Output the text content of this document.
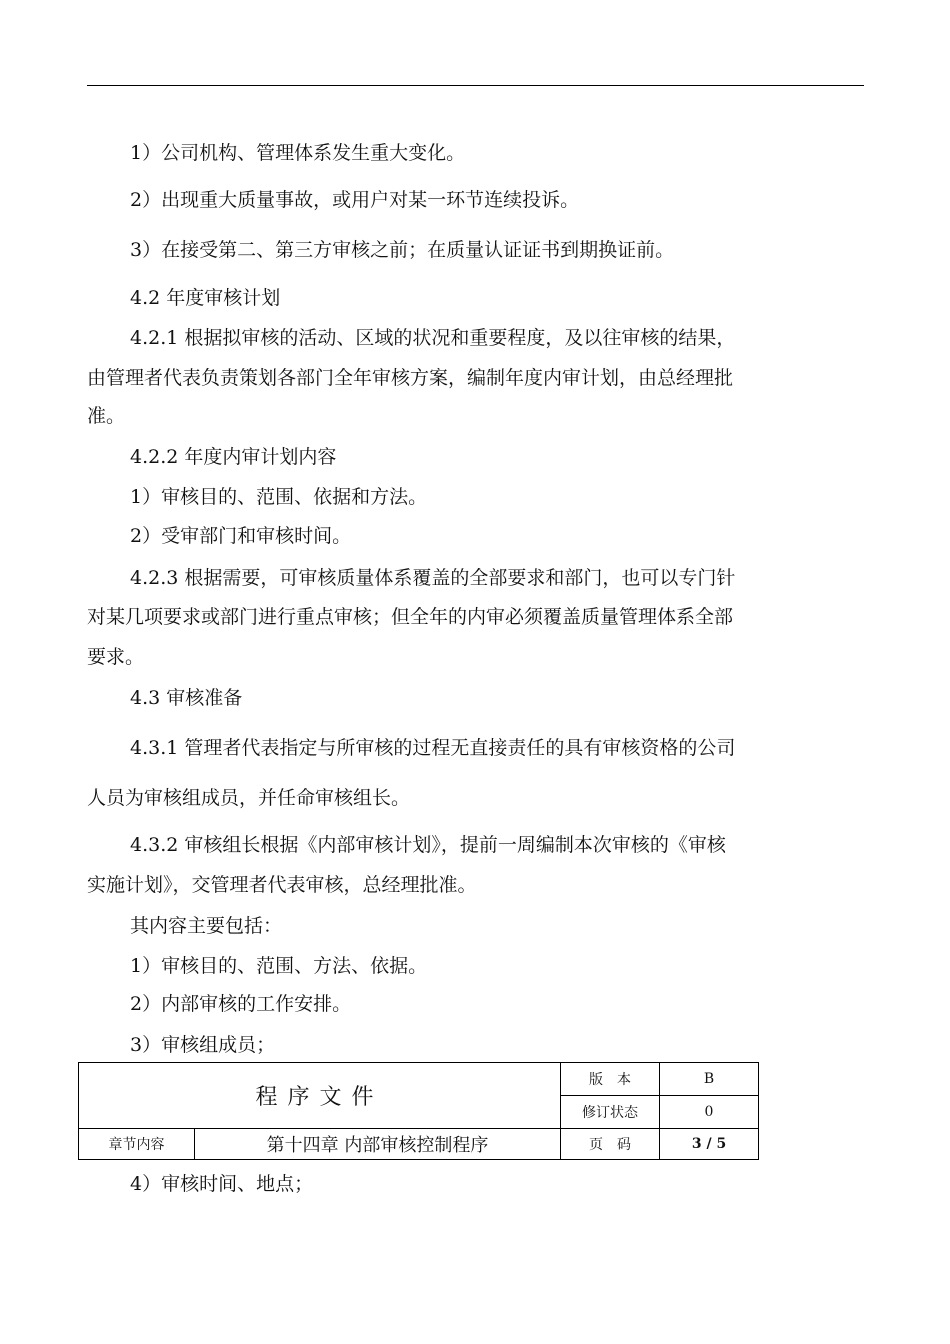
1）公司机构、管理体系发生重大变化。
2）出现重大质量事故，或用户对某一环节连续投诉。
3）在接受第二、第三方审核之前；在质量认证证书到期换证前。
4.2 年度审核计划
4.2.1 根据拟审核的活动、区域的状况和重要程度，及以往审核的结果，
由管理者代表负责策划各部门全年审核方案，编制年度内审计划，由总经理批
准。
4.2.2 年度内审计划内容
1）审核目的、范围、依据和方法。
2）受审部门和审核时间。
4.2.3 根据需要，可审核质量体系覆盖的全部要求和部门，也可以专门针
对某几项要求或部门进行重点审核；但全年的内审必须覆盖质量管理体系全部
要求。
4.3 审核准备
4.3.1 管理者代表指定与所审核的过程无直接责任的具有审核资格的公司
人员为审核组成员，并任命审核组长。
4.3.2 审核组长根据《内部审核计划》，提前一周编制本次审核的《审核
实施计划》，交管理者代表审核，总经理批准。
其内容主要包括：
1）审核目的、范围、方法、依据。
2）内部审核的工作安排。
3）审核组成员；
程序文件		版　本	B
		修订状态	0
章节内容	第十四章 内部审核控制程序	页　码	3 / 5
4）审核时间、地点；
